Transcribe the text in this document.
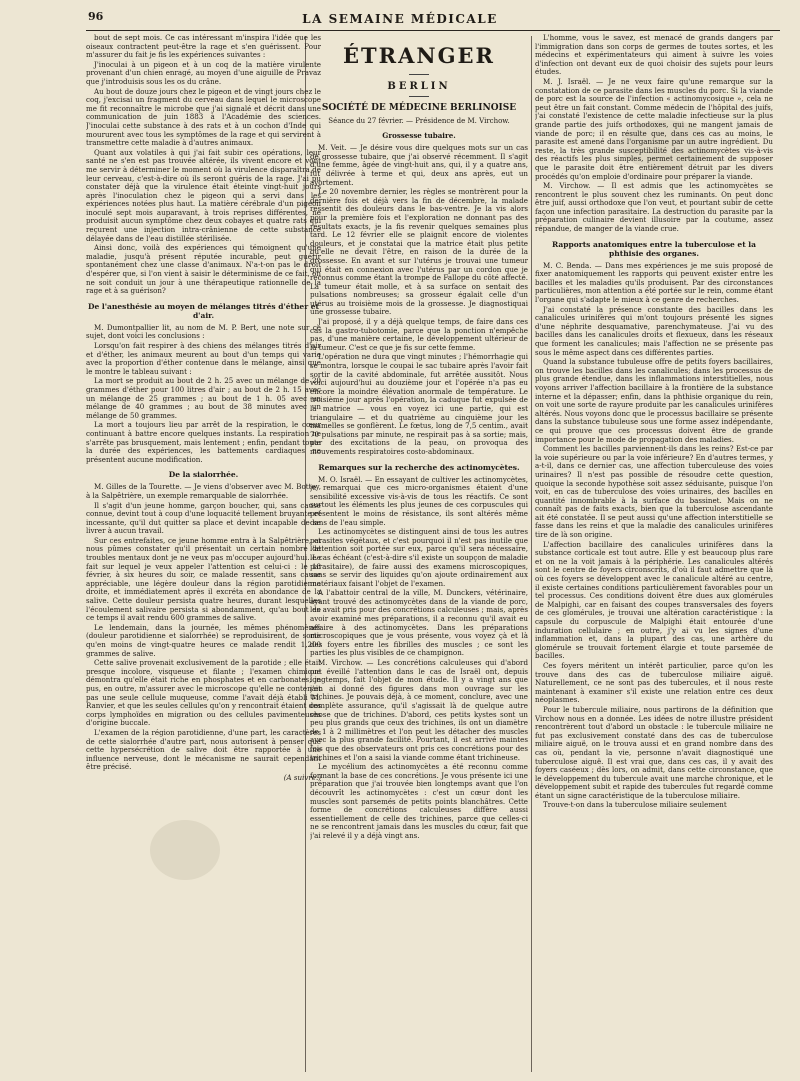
96	LA SEMAINE MÉDICALE

bout de sept mois. Ce cas intéressant m'inspira l'idée que les oiseaux contractent peut-être la rage et s'en guérissent. Pour m'assurer du fait je fis les expériences suivantes :

J'inoculai à un pigeon et à un coq de la matière virulente provenant d'un chien enragé, au moyen d'une aiguille de Pravaz que j'introduisis sous les os du crâne.

Au bout de douze jours chez le pigeon et de vingt jours chez le coq, j'excisai un fragment du cerveau dans lequel le microscope me fit reconnaître le microbe que j'ai signalé et décrit dans une communication de juin 1883 à l'Académie des sciences. J'inoculai cette substance à des rats et à un cochon d'Inde qui moururent avec tous les symptômes de la rage et qui servirent à transmettre cette maladie à d'autres animaux.

Quant aux volatiles à qui j'ai fait subir ces opérations, leur santé ne s'en est pas trouvée altérée, ils vivent encore et vont me servir à déterminer le moment où la virulence disparaîtra de leur cerveau, c'est-à-dire où ils seront guéris de la rage. J'ai pu constater déjà que la virulence était éteinte vingt-huit jours après l'inoculation chez le pigeon qui a servi dans les expériences notées plus haut. La matière cérébrale d'un pigeon inoculé sept mois auparavant, à trois reprises différentes, ne produisit aucun symptôme chez deux cobayes et quatre rats qui reçurent une injection intra-crânienne de cette substance délayée dans de l'eau distillée stérilisée.

Ainsi donc, voilà des expériences qui témoignent qu'une maladie, jusqu'à présent réputée incurable, peut guérir spontanément chez une classe d'animaux. N'a-t-on pas le droit d'espérer que, si l'on vient à saisir le déterminisme de ce fait, on ne soit conduit un jour à une thérapeutique rationnelle de la rage et à sa guérison?

De l'anesthésie au moyen de mélanges titrés d'éther et d'air.

M. Dumontpallier lit, au nom de M. P. Bert, une note sur ce sujet, dont voici les conclusions :

Lorsqu'on fait respirer à des chiens des mélanges titrés d'air et d'éther, les animaux meurent au bout d'un temps qui varie avec la proportion d'éther contenue dans le mélange, ainsi que le montre le tableau suivant :

La mort se produit au bout de 2 h. 25 avec un mélange de 20 grammes d'éther pour 100 litres d'air ; au bout de 2 h. 15 avec un mélange de 25 grammes ; au bout de 1 h. 05 avec un mélange de 40 grammes ; au bout de 38 minutes avec un mélange de 50 grammes.

La mort a toujours lieu par arrêt de la respiration, le cœur continuant à battre encore quelques instants. La respiration ne s'arrête pas brusquement, mais lentement ; enfin, pendant toute la durée des expériences, les battements cardiaques ne présentent aucune modification.

De la sialorrhée.

M. Gilles de la Tourette. — Je viens d'observer avec M. Bottey, à la Salpêtrière, un exemple remarquable de sialorrhée.

Il s'agit d'un jeune homme, garçon boucher, qui, sans cause connue, devint tout à coup d'une loquacité tellement bruyante et incessante, qu'il dut quitter sa place et devint incapable de se livrer à aucun travail.

Sur ces entrefaites, ce jeune homme entra à la Salpêtrière, et nous pûmes constater qu'il présentait un certain nombre de troubles mentaux dont je ne veux pas m'occuper aujourd'hui. Le fait sur lequel je veux appeler l'attention est celui-ci : le 18 février, à six heures du soir, ce malade ressentit, sans cause appréciable, une légère douleur dans la région parotidienne droite, et immédiatement après il excréta en abondance de la salive. Cette douleur persista quatre heures, durant lesquelles l'écoulement salivaire persista si abondamment, qu'au bout de ce temps il avait rendu 600 grammes de salive.

Le lendemain, dans la journée, les mêmes phénomènes (douleur parotidienne et sialorrhée) se reproduisirent, de sorte qu'en moins de vingt-quatre heures ce malade rendit 1,200 grammes de salive.

Cette salive provenait exclusivement de la parotide ; elle était presque incolore, visqueuse et filante ; l'examen chimique démontra qu'elle était riche en phosphates et en carbonates; je pus, en outre, m'assurer avec le microscope qu'elle ne contenait pas une seule cellule muqueuse, comme l'avait déjà établi M. Ranvier, et que les seules cellules qu'on y rencontrait étaient des corps lymphoïdes en migration ou des cellules pavimenteuses d'origine buccale.

L'examen de la région parotidienne, d'une part, les caractères de cette sialorrhée d'autre part, nous autorisent à penser que cette hypersécrétion de salive doit être rapportée à une influence nerveuse, dont le mécanisme ne saurait cependant être précisé.

(A suivre.)
ÉTRANGER
BERLIN
SOCIÉTÉ DE MÉDECINE BERLINOISE
Séance du 27 février. — Présidence de M. Virchow.
Grossesse tubaire.

M. Veit. — Je désire vous dire quelques mots sur un cas de grossesse tubaire, que j'ai observé récemment. Il s'agit d'une femme, âgée de vingt-huit ans, qui, il y a quatre ans, fut délivrée à terme et qui, deux ans après, eut un avortement.

Le 20 novembre dernier, les règles se montrèrent pour la dernière fois et déjà vers la fin de décembre, la malade ressentit des douleurs dans le bas-ventre. Je la vis alors pour la première fois et l'exploration ne donnant pas des résultats exacts, je la fis revenir quelques semaines plus tard. Le 12 février elle se plaignit encore de violentes douleurs, et je constatai que la matrice était plus petite qu'elle ne devait l'être, en raison de la durée de la grossesse. En avant et sur l'utérus je trouvai une tumeur qui était en connexion avec l'utérus par un cordon que je reconnus comme étant la trompe de Fallope du côté affecté. La tumeur était molle, et à sa surface on sentait des pulsations nombreuses; sa grosseur égalait celle d'un utérus au troisième mois de la grossesse. Je diagnostiquai une grossesse tubaire.

J'ai proposé, il y a déjà quelque temps, de faire dans ces cas la gastro-tubotomie, parce que la ponction n'empêche pas, d'une manière certaine, le développement ultérieur de la tumeur. C'est ce que je fis sur cette femme.

L'opération ne dura que vingt minutes ; l'hémorrhagie qui se montra, lorsque le coupai le sac tubaire après l'avoir fait sortir de la cavité abdominale, fut arrêtée aussitôt. Nous voici aujourd'hui au douzième jour et l'opérée n'a pas eu encore la moindre élévation anormale de température. Le troisième jour après l'opération, la caduque fut expulsée de la matrice — vous en voyez ici une partie, qui est triangulaire — et du quatrième au cinquième jour les mamelles se gonflèrent. Le fœtus, long de 7,5 centim., avait 70 pulsations par minute, ne respirait pas à sa sortie; mais, par des excitations de la peau, on provoqua des mouvements respiratoires costo-abdominaux.

Remarques sur la recherche des actinomycètes.

M. O. Israël. — En essayant de cultiver les actinomycètes, je remarquai que ces micro-organismes étaient d'une sensibilité excessive vis-à-vis de tous les réactifs. Ce sont surtout les éléments les plus jeunes de ces corpuscules qui présentent le moins de résistance, ils sont altérés même dans de l'eau simple.

Les actinomycètes se distinguent ainsi de tous les autres parasites végétaux, et c'est pourquoi il n'est pas inutile que l'attention soit portée sur eux, parce qu'il sera nécessaire, le cas échéant (c'est-à-dire s'il existe un soupçon de maladie parasitaire), de faire aussi des examens microscopiques, sans se servir des liquides qu'on ajoute ordinairement aux matériaux faisant l'objet de l'examen.

A l'abattoir central de la ville, M. Dunckers, vétérinaire, ayant trouvé des actinomycètes dans de la viande de porc, les avait pris pour des concrétions calculeuses ; mais, après avoir examiné mes préparations, il a reconnu qu'il avait eu affaire à des actinomycètes. Dans les préparations microscopiques que je vous présente, vous voyez çà et là des foyers entre les fibrilles des muscles ; ce sont les parties les plus visibles de ce champignon.

M. Virchow. — Les concrétions calculeuses qui d'abord ont éveillé l'attention dans le cas de Israël ont, depuis longtemps, fait l'objet de mon étude. Il y a vingt ans que j'en ai donné des figures dans mon ouvrage sur les trichines. Je pouvais déjà, à ce moment, conclure, avec une complète assurance, qu'il s'agissait là de quelque autre chose que de trichines. D'abord, ces petits kystes sont un peu plus grands que ceux des trichines, ils ont un diamètre de 1 à 2 millimètres et l'on peut les détacher des muscles avec la plus grande facilité. Pourtant, il est arrivé maintes fois que des observateurs ont pris ces concrétions pour des trichines et l'on a saisi la viande comme étant trichineuse.

Le mycélium des actinomycètes a été reconnu comme formant la base de ces concrétions. Je vous présente ici une préparation que j'ai trouvée bien longtemps avant que l'on découvrît les actinomycètes : c'est un cœur dont les muscles sont parsemés de petits points blanchâtres. Cette forme de concrétions calculeuses diffère aussi essentiellement de celle des trichines, parce que celles-ci ne se rencontrent jamais dans les muscles du cœur, fait que j'ai relevé il y a déjà vingt ans.

L'homme, vous le savez, est menacé de grands dangers par l'immigration dans son corps de germes de toutes sortes, et les médecins et expérimentateurs qui aiment à suivre les voies d'infection ont devant eux de quoi choisir des sujets pour leurs études.

M. J. Israël. — Je ne veux faire qu'une remarque sur la constatation de ce parasite dans les muscles du porc. Si la viande de porc est la source de l'infection « actinomycosique », cela ne peut être un fait constant. Comme médecin de l'hôpital des juifs, j'ai constaté l'existence de cette maladie infectieuse sur la plus grande partie des juifs orthodoxes, qui ne mangent jamais de viande de porc; il en résulte que, dans ces cas au moins, le parasite est amené dans l'organisme par un autre ingrédient. Du reste, la très grande susceptibilité des actinomycètes vis-à-vis des réactifs les plus simples, permet certainement de supposer que le parasite doit être entièrement détruit par les divers procédés qu'on emploie d'ordinaire pour préparer la viande.

M. Virchow. — Il est admis que les actinomycètes se rencontrent le plus souvent chez les ruminants. On peut donc être juif, aussi orthodoxe que l'on veut, et pourtant subir de cette façon une infection parasitaire. La destruction du parasite par la préparation culinaire devient illusoire par la coutume, assez répandue, de manger de la viande crue.

Rapports anatomiques entre la tuberculose et la phthisie des organes.

M. C. Benda. — Dans mes expériences je me suis proposé de fixer anatomiquement les rapports qui peuvent exister entre les bacilles et les maladies qu'ils produisent. Par des circonstances particulières, mon attention a été portée sur le rein, comme étant l'organe qui s'adapte le mieux à ce genre de recherches.

J'ai constaté la présence constante des bacilles dans les canalicules urinifères qui m'ont toujours présenté les signes d'une néphrite desquamative, parenchymateuse. J'ai vu des bacilles dans les canalicules droits et flexueux, dans les réseaux que forment les canalicules; mais l'affection ne se présente pas sous le même aspect dans ces différentes parties.

Quand la substance tubuleuse offre de petits foyers bacillaires, on trouve les bacilles dans les canalicules; dans les processus de plus grande étendue, dans les inflammations interstitielles, nous voyons arriver l'affection bacillaire à la frontière de la substance interne et la dépasser; enfin, dans la phthisie organique du rein, on voit une sorte de rayure produite par les canalicules urinifères altérés. Nous voyons donc que le processus bacillaire se présente dans la substance tubuleuse sous une forme assez indépendante, ce qui prouve que ces processus doivent être de grande importance pour le mode de propagation des maladies.

Comment les bacilles parviennent-ils dans les reins? Est-ce par la voie supérieure ou par la voie inférieure? En d'autres termes, y a-t-il, dans ce dernier cas, une affection tuberculeuse des voies urinaires? Il n'est pas possible de résoudre cette question, quoique la seconde hypothèse soit assez séduisante, puisque l'on voit, en cas de tuberculose des voies urinaires, des bacilles en quantité innombrable à la surface du bassinet. Mais on ne connaît pas de faits exacts, bien que la tuberculose ascendante ait été constatée. Il se peut aussi qu'une affection interstitielle se fasse dans les reins et que la maladie des canalicules urinifères tire de là son origine.

L'affection bacillaire des canalicules urinifères dans la substance corticale est tout autre. Elle y est beaucoup plus rare et on ne la voit jamais à la périphérie. Les canalicules altérés sont le centre de foyers circonscrits, d'où il faut admettre que là où ces foyers se développent avec le canalicule altéré au centre, il existe certaines conditions particulièrement favorables pour un tel processus. Ces conditions doivent être dues aux glomérules de Malpighi, car en faisant des coupes transversales des foyers de ces glomérules, je trouvai une altération caractéristique : la capsule du corpuscule de Malpighi était entourée d'une induration cellulaire ; en outre, j'y ai vu les signes d'une inflammation et, dans la plupart des cas, une arthère du glomérule se trouvait fortement élargie et toute parsemée de bacilles.

Ces foyers méritent un intérêt particulier, parce qu'on les trouve dans des cas de tuberculose miliaire aiguë. Naturellement, ce ne sont pas des tubercules, et il nous reste maintenant à examiner s'il existe une relation entre ces deux néoplasmes.

Pour le tubercule miliaire, nous partirons de la définition que Virchow nous en a donnée. Les idées de notre illustre président rencontrèrent tout d'abord un obstacle : le tubercule miliaire ne fut pas exclusivement constaté dans des cas de tuberculose miliaire aiguë, on le trouva aussi et en grand nombre dans des cas où, pendant la vie, personne n'avait diagnostiqué une tuberculose aiguë. Il est vrai que, dans ces cas, il y avait des foyers caséeux ; dès lors, on admit, dans cette circonstance, que le développement du tubercule avait une marche chronique, et le développement subit et rapide des tubercules fut regardé comme étant un signe caractéristique de la tuberculose miliaire.

Trouve-t-on dans la tuberculose miliaire seulement
